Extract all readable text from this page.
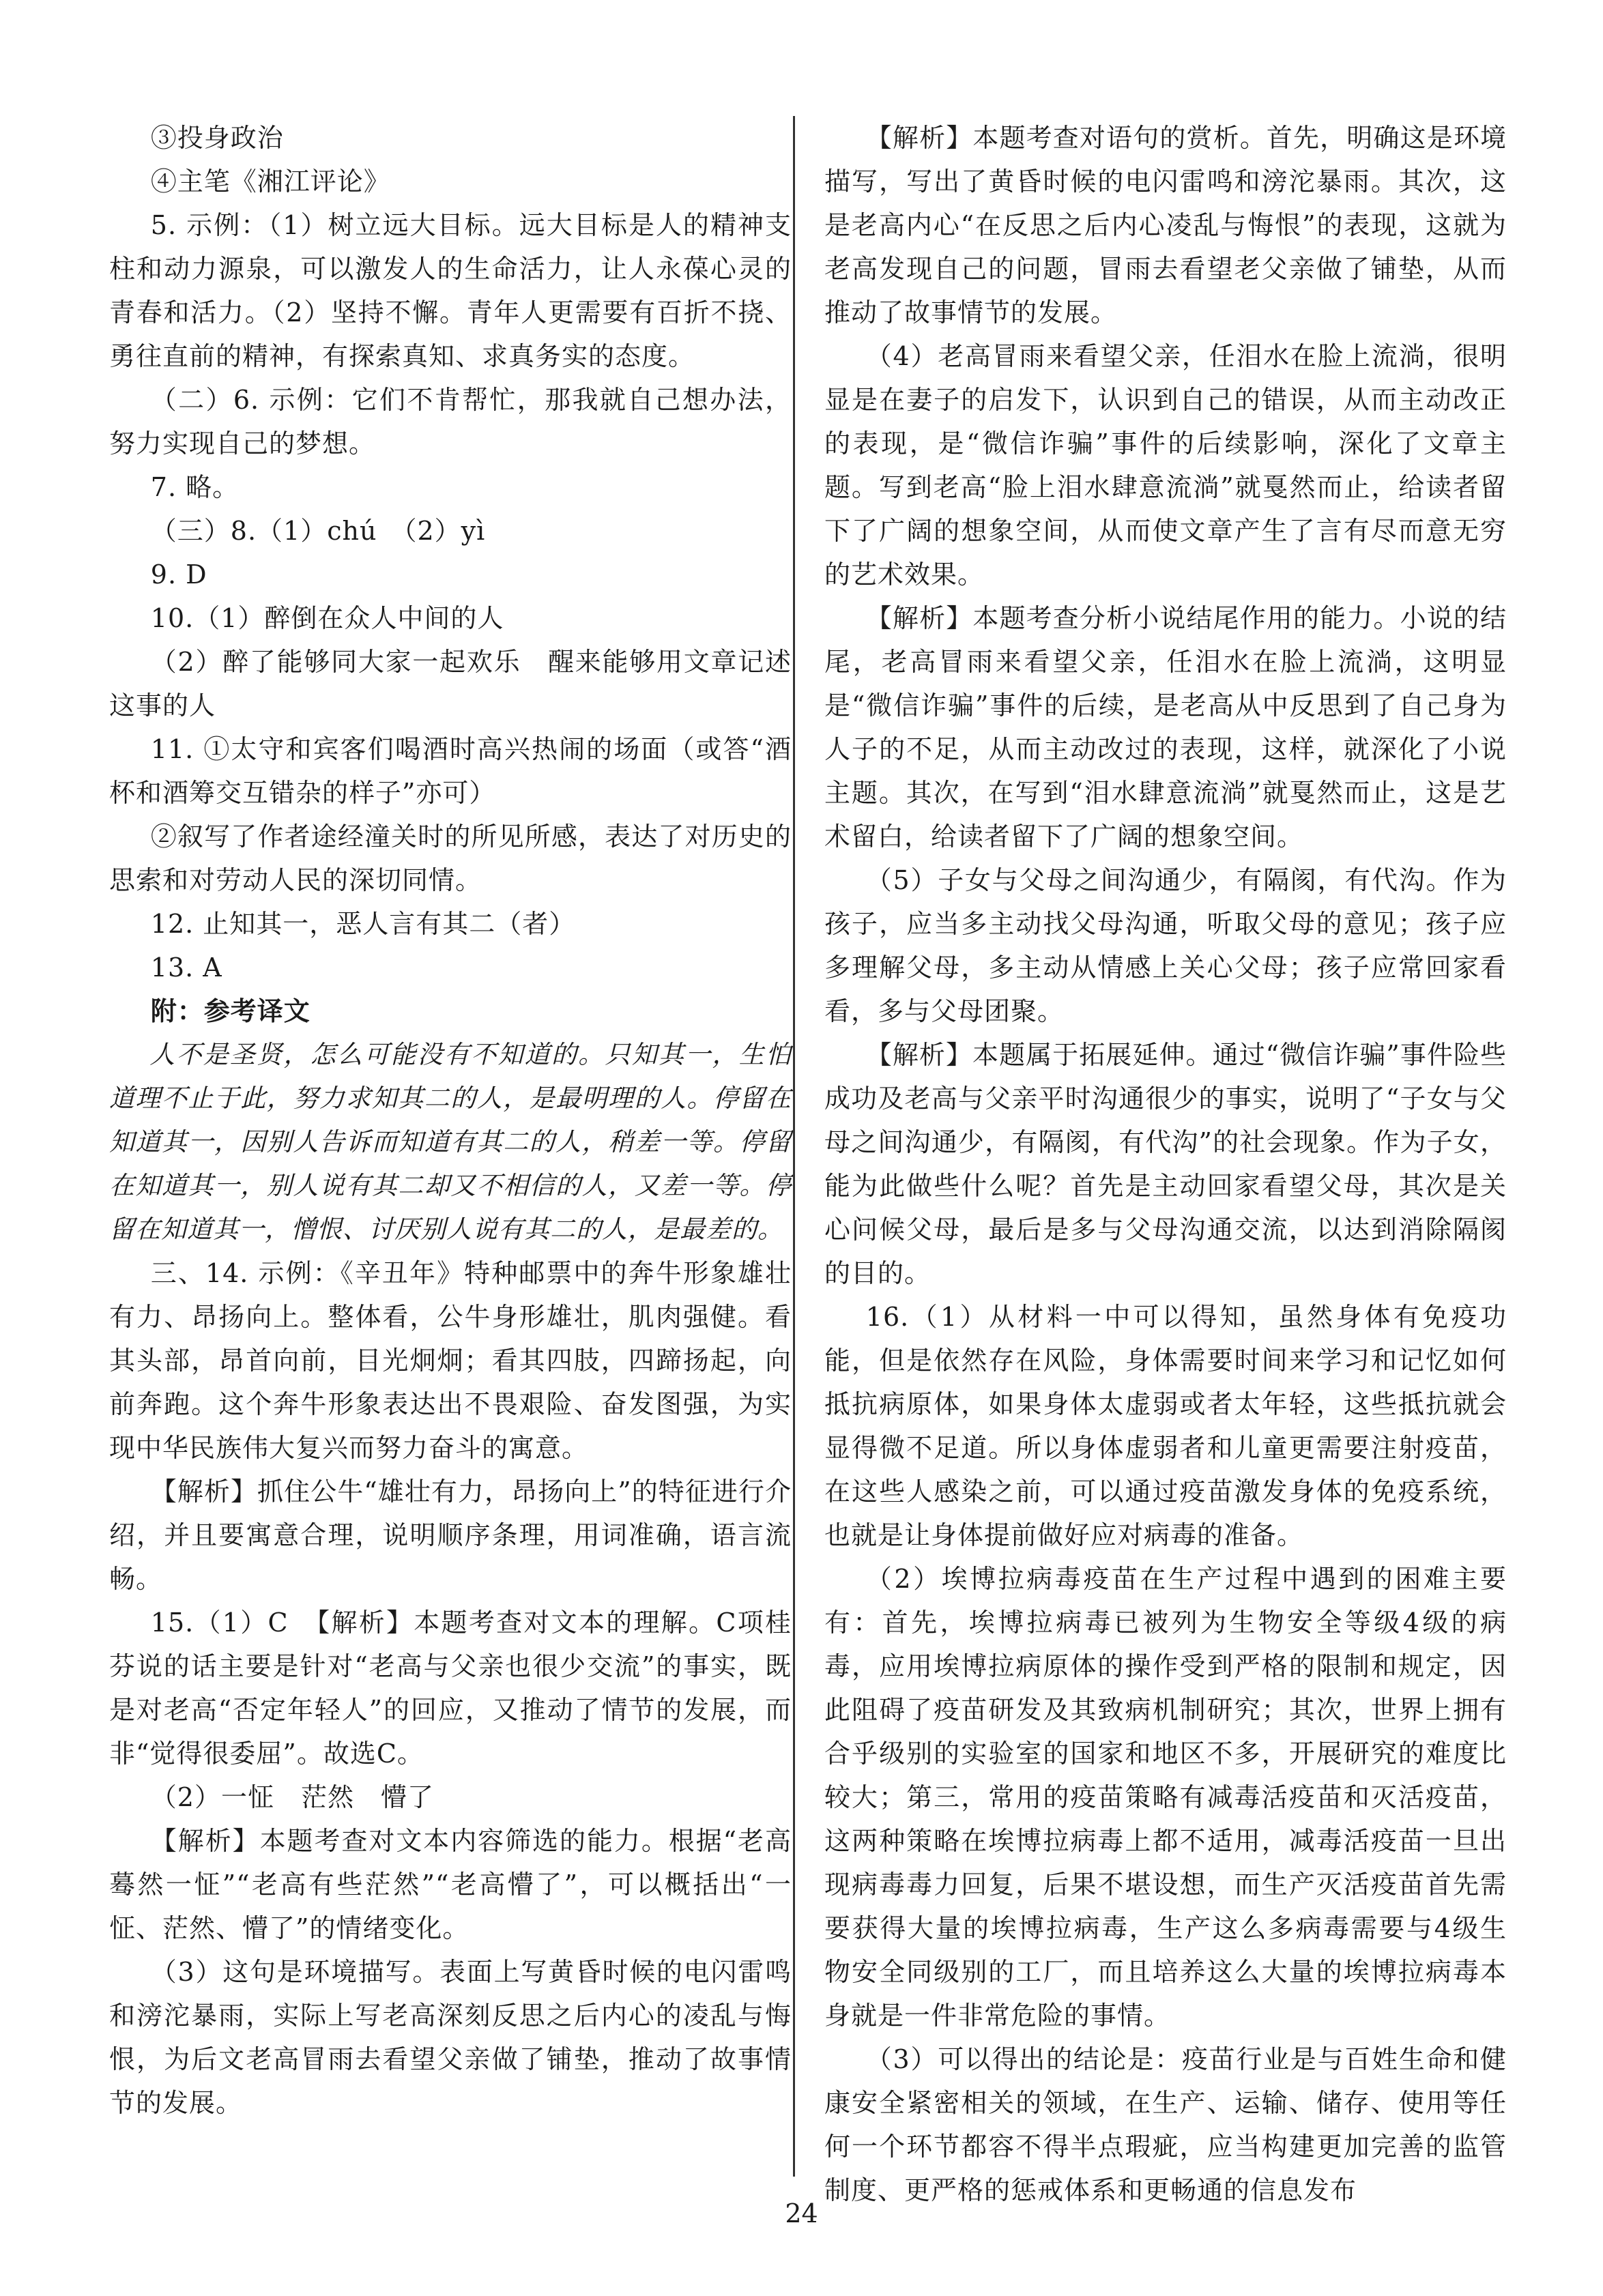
③投身政治

④主笔《湘江评论》

5. 示例：（1）树立远大目标。远大目标是人的精神支柱和动力源泉，可以激发人的生命活力，让人永葆心灵的青春和活力。（2）坚持不懈。青年人更需要有百折不挠、勇往直前的精神，有探索真知、求真务实的态度。

（二）6. 示例：它们不肯帮忙，那我就自己想办法，努力实现自己的梦想。

7. 略。

（三）8.（1）chú　（2）yì

9. D

10.（1）醉倒在众人中间的人

（2）醉了能够同大家一起欢乐　醒来能够用文章记述这事的人

11. ①太守和宾客们喝酒时高兴热闹的场面（或答“酒杯和酒筹交互错杂的样子”亦可）

②叙写了作者途经潼关时的所见所感，表达了对历史的思索和对劳动人民的深切同情。

12. 止知其一，恶人言有其二（者）

13. A

附：参考译文

人不是圣贤，怎么可能没有不知道的。只知其一，生怕道理不止于此，努力求知其二的人，是最明理的人。停留在知道其一，因别人告诉而知道有其二的人，稍差一等。停留在知道其一，别人说有其二却又不相信的人，又差一等。停留在知道其一，憎恨、讨厌别人说有其二的人，是最差的。

三、14. 示例：《辛丑年》特种邮票中的奔牛形象雄壮有力、昂扬向上。整体看，公牛身形雄壮，肌肉强健。看其头部，昂首向前，目光炯炯；看其四肢，四蹄扬起，向前奔跑。这个奔牛形象表达出不畏艰险、奋发图强，为实现中华民族伟大复兴而努力奋斗的寓意。

【解析】抓住公牛“雄壮有力，昂扬向上”的特征进行介绍，并且要寓意合理，说明顺序条理，用词准确，语言流畅。

15.（1）C　【解析】本题考查对文本的理解。C项桂芬说的话主要是针对“老高与父亲也很少交流”的事实，既是对老高“否定年轻人”的回应，又推动了情节的发展，而非“觉得很委屈”。故选C。

（2）一怔　茫然　懵了

【解析】本题考查对文本内容筛选的能力。根据“老高蓦然一怔”“老高有些茫然”“老高懵了”，可以概括出“一怔、茫然、懵了”的情绪变化。

（3）这句是环境描写。表面上写黄昏时候的电闪雷鸣和滂沱暴雨，实际上写老高深刻反思之后内心的凌乱与悔恨，为后文老高冒雨去看望父亲做了铺垫，推动了故事情节的发展。

【解析】本题考查对语句的赏析。首先，明确这是环境描写，写出了黄昏时候的电闪雷鸣和滂沱暴雨。其次，这是老高内心“在反思之后内心凌乱与悔恨”的表现，这就为老高发现自己的问题，冒雨去看望老父亲做了铺垫，从而推动了故事情节的发展。

（4）老高冒雨来看望父亲，任泪水在脸上流淌，很明显是在妻子的启发下，认识到自己的错误，从而主动改正的表现，是“微信诈骗”事件的后续影响，深化了文章主题。写到老高“脸上泪水肆意流淌”就戛然而止，给读者留下了广阔的想象空间，从而使文章产生了言有尽而意无穷的艺术效果。

【解析】本题考查分析小说结尾作用的能力。小说的结尾，老高冒雨来看望父亲，任泪水在脸上流淌，这明显是“微信诈骗”事件的后续，是老高从中反思到了自己身为人子的不足，从而主动改过的表现，这样，就深化了小说主题。其次，在写到“泪水肆意流淌”就戛然而止，这是艺术留白，给读者留下了广阔的想象空间。

（5）子女与父母之间沟通少，有隔阂，有代沟。作为孩子，应当多主动找父母沟通，听取父母的意见；孩子应多理解父母，多主动从情感上关心父母；孩子应常回家看看，多与父母团聚。

【解析】本题属于拓展延伸。通过“微信诈骗”事件险些成功及老高与父亲平时沟通很少的事实，说明了“子女与父母之间沟通少，有隔阂，有代沟”的社会现象。作为子女，能为此做些什么呢？首先是主动回家看望父母，其次是关心问候父母，最后是多与父母沟通交流，以达到消除隔阂的目的。

16.（1）从材料一中可以得知，虽然身体有免疫功能，但是依然存在风险，身体需要时间来学习和记忆如何抵抗病原体，如果身体太虚弱或者太年轻，这些抵抗就会显得微不足道。所以身体虚弱者和儿童更需要注射疫苗，在这些人感染之前，可以通过疫苗激发身体的免疫系统，也就是让身体提前做好应对病毒的准备。

（2）埃博拉病毒疫苗在生产过程中遇到的困难主要有：首先，埃博拉病毒已被列为生物安全等级4级的病毒，应用埃博拉病原体的操作受到严格的限制和规定，因此阻碍了疫苗研发及其致病机制研究；其次，世界上拥有合乎级别的实验室的国家和地区不多，开展研究的难度比较大；第三，常用的疫苗策略有减毒活疫苗和灭活疫苗，这两种策略在埃博拉病毒上都不适用，减毒活疫苗一旦出现病毒毒力回复，后果不堪设想，而生产灭活疫苗首先需要获得大量的埃博拉病毒，生产这么多病毒需要与4级生物安全同级别的工厂，而且培养这么大量的埃博拉病毒本身就是一件非常危险的事情。

（3）可以得出的结论是：疫苗行业是与百姓生命和健康安全紧密相关的领域，在生产、运输、储存、使用等任何一个环节都容不得半点瑕疵，应当构建更加完善的监管制度、更严格的惩戒体系和更畅通的信息发布

24
